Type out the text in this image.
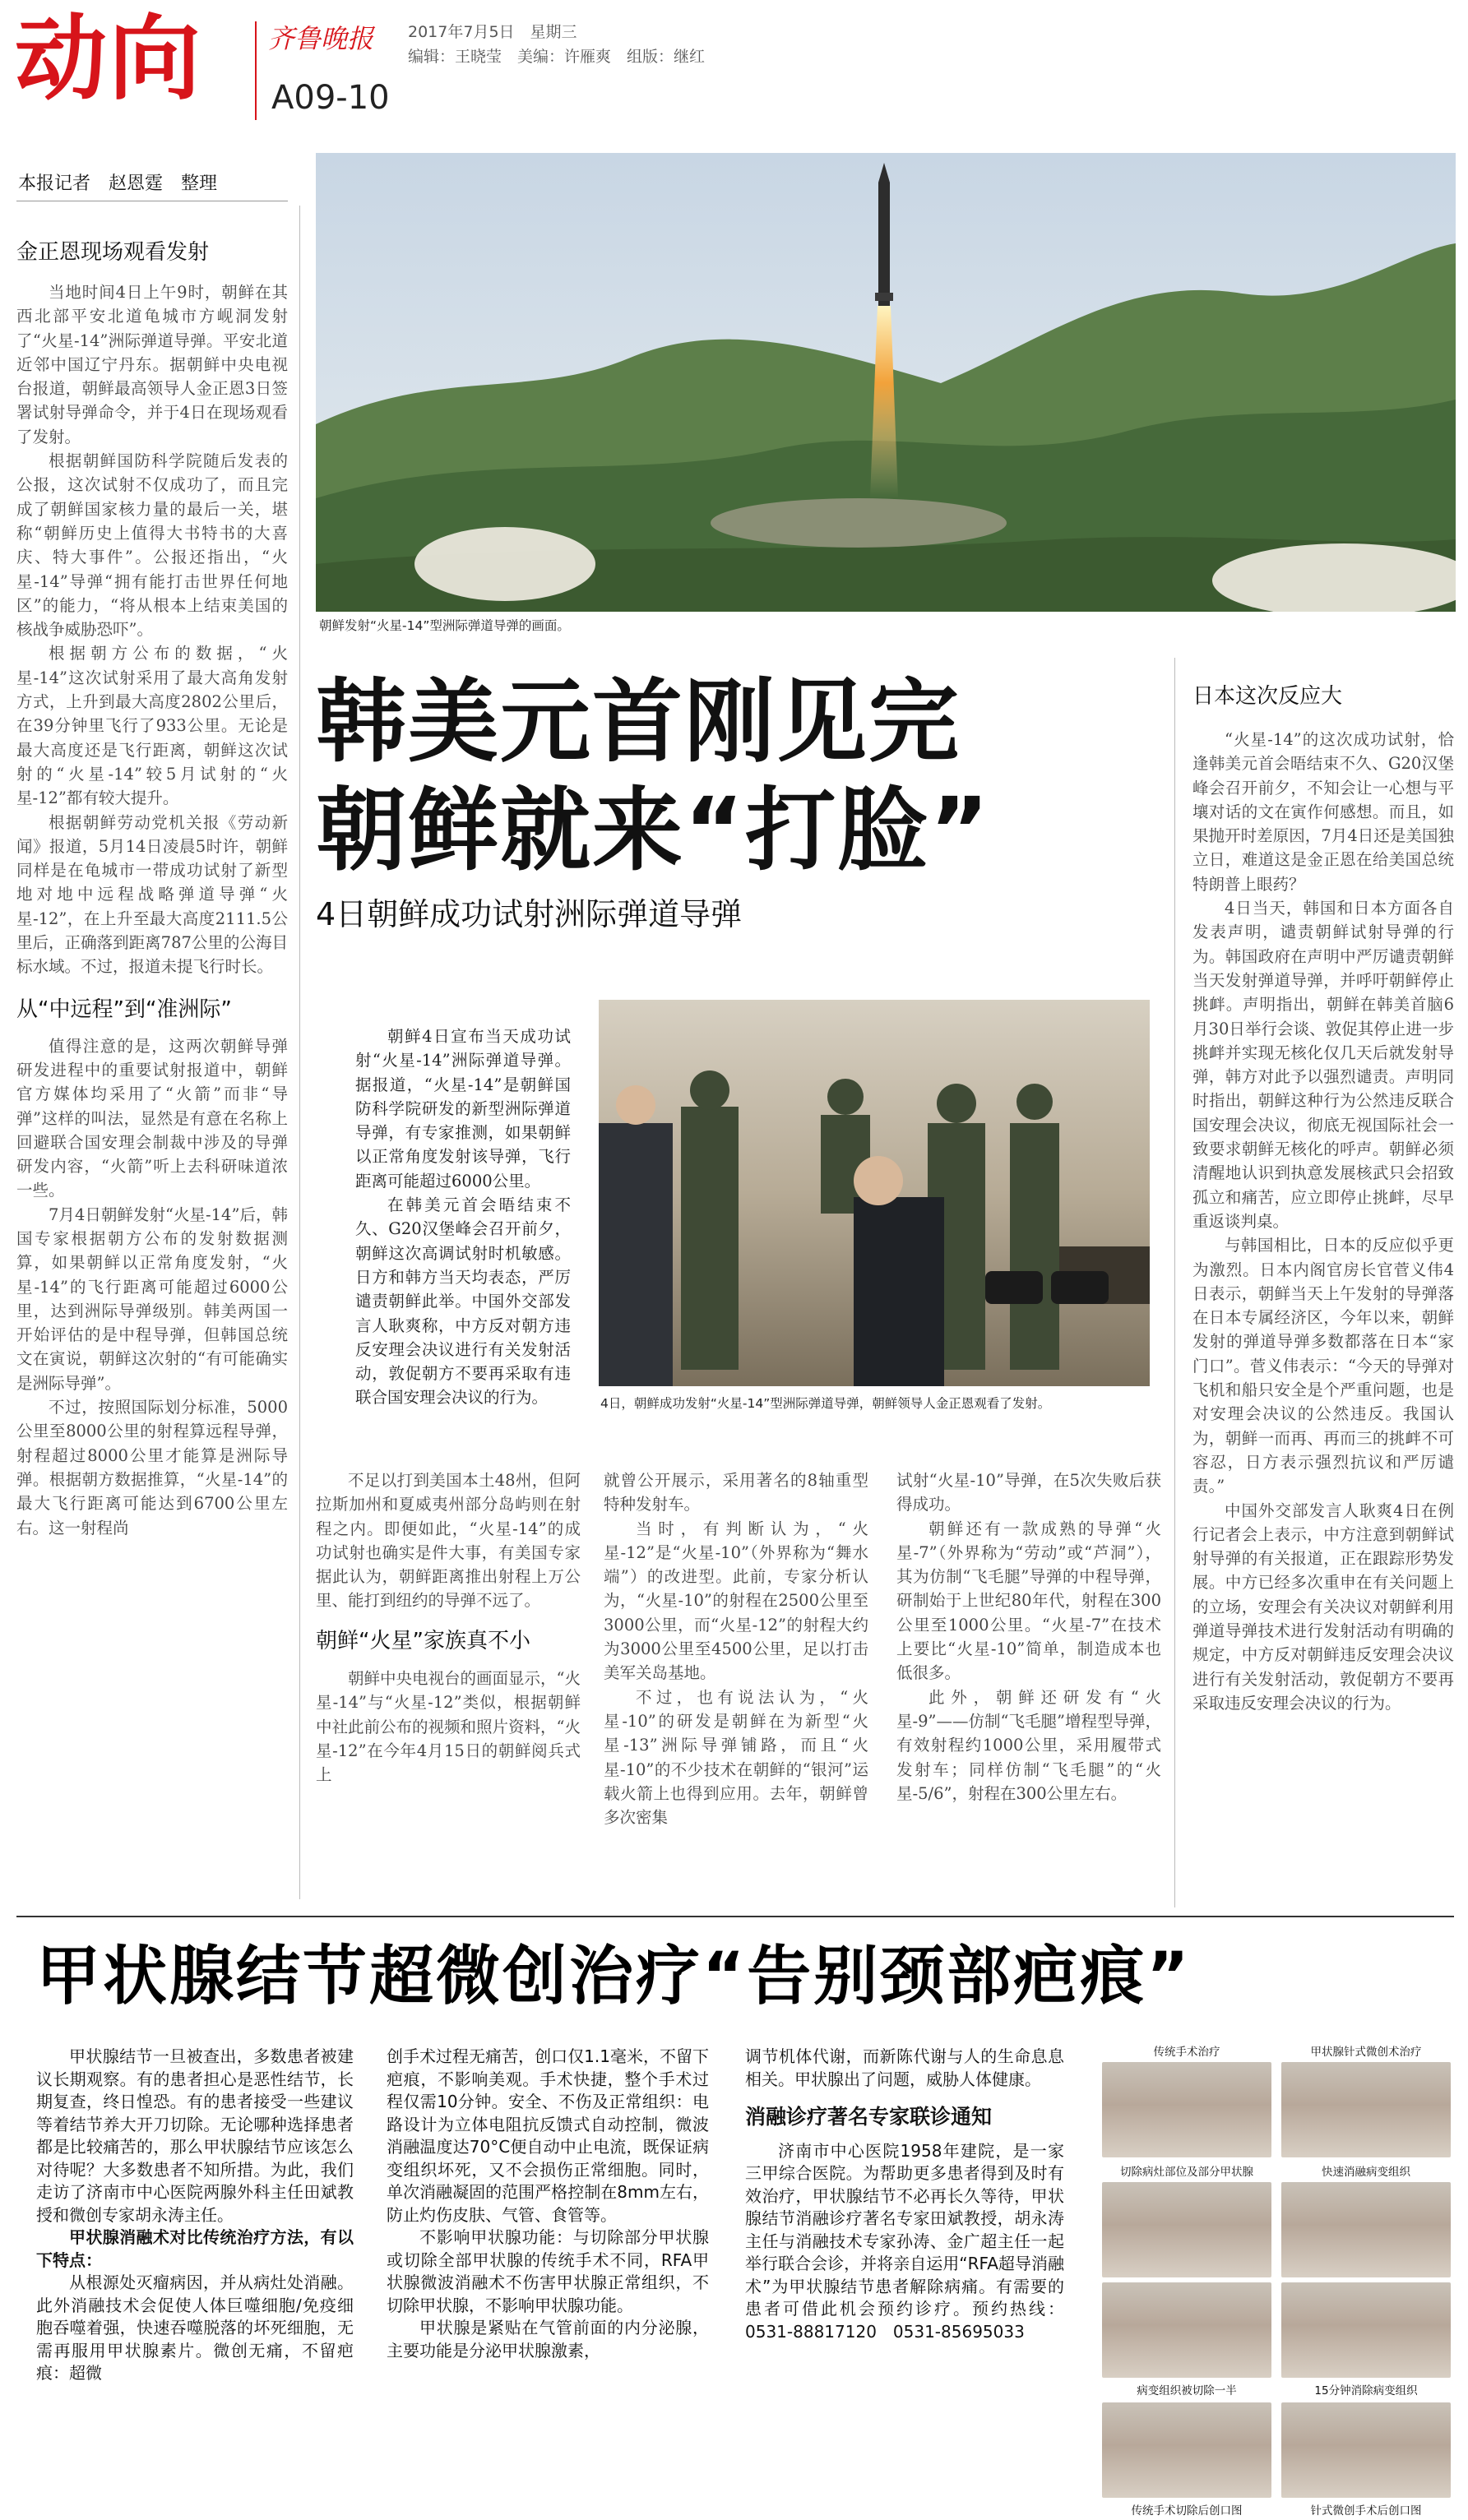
动向	齐鲁晚报 2017年7月5日　星期三
编辑：王晓莹　美编：许雁爽　组版：继红
A09-10
本报记者　赵恩霆　整理
朝鲜发射“火星-14”型洲际弹道导弹的画面。
金正恩现场观看发射

当地时间4日上午9时，朝鲜在其西北部平安北道龟城市方岘洞发射了“火星-14”洲际弹道导弹。平安北道近邻中国辽宁丹东。据朝鲜中央电视台报道，朝鲜最高领导人金正恩3日签署试射导弹命令，并于4日在现场观看了发射。

根据朝鲜国防科学院随后发表的公报，这次试射不仅成功了，而且完成了朝鲜国家核力量的最后一关，堪称“朝鲜历史上值得大书特书的大喜庆、特大事件”。公报还指出，“火星-14”导弹“拥有能打击世界任何地区”的能力，“将从根本上结束美国的核战争威胁恐吓”。

根据朝方公布的数据，“火星-14”这次试射采用了最大高角发射方式，上升到最大高度2802公里后，在39分钟里飞行了933公里。无论是最大高度还是飞行距离，朝鲜这次试射的“火星-14”较5月试射的“火星-12”都有较大提升。

根据朝鲜劳动党机关报《劳动新闻》报道，5月14日凌晨5时许，朝鲜同样是在龟城市一带成功试射了新型地对地中远程战略弹道导弹“火星-12”，在上升至最大高度2111.5公里后，正确落到距离787公里的公海目标水域。不过，报道未提飞行时长。

从“中远程”到“准洲际”

值得注意的是，这两次朝鲜导弹研发进程中的重要试射报道中，朝鲜官方媒体均采用了“火箭”而非“导弹”这样的叫法，显然是有意在名称上回避联合国安理会制裁中涉及的导弹研发内容，“火箭”听上去科研味道浓一些。

7月4日朝鲜发射“火星-14”后，韩国专家根据朝方公布的发射数据测算，如果朝鲜以正常角度发射，“火星-14”的飞行距离可能超过6000公里，达到洲际导弹级别。韩美两国一开始评估的是中程导弹，但韩国总统文在寅说，朝鲜这次射的“有可能确实是洲际导弹”。

不过，按照国际划分标准，5000公里至8000公里的射程算远程导弹，射程超过8000公里才能算是洲际导弹。根据朝方数据推算，“火星-14”的最大飞行距离可能达到6700公里左右。这一射程尚

韩美元首刚见完
朝鲜就来“打脸”
4日朝鲜成功试射洲际弹道导弹

朝鲜4日宣布当天成功试射“火星-14”洲际弹道导弹。据报道，“火星-14”是朝鲜国防科学院研发的新型洲际弹道导弹，有专家推测，如果朝鲜以正常角度发射该导弹，飞行距离可能超过6000公里。

在韩美元首会晤结束不久、G20汉堡峰会召开前夕，朝鲜这次高调试射时机敏感。日方和韩方当天均表态，严厉谴责朝鲜此举。中国外交部发言人耿爽称，中方反对朝方违反安理会决议进行有关发射活动，敦促朝方不要再采取有违联合国安理会决议的行为。	4日，朝鲜成功发射“火星-14”型洲际弹道导弹，朝鲜领导人金正恩观看了发射。

不足以打到美国本土48州，但阿拉斯加州和夏威夷州部分岛屿则在射程之内。即便如此，“火星-14”的成功试射也确实是件大事，有美国专家据此认为，朝鲜距离推出射程上万公里、能打到纽约的导弹不远了。

朝鲜“火星”家族真不小

朝鲜中央电视台的画面显示，“火星-14”与“火星-12”类似，根据朝鲜中社此前公布的视频和照片资料，“火星-12”在今年4月15日的朝鲜阅兵式上

就曾公开展示，采用著名的8轴重型特种发射车。

当时，有判断认为，“火星-12”是“火星-10”（外界称为“舞水端”）的改进型。此前，专家分析认为，“火星-10”的射程在2500公里至3000公里，而“火星-12”的射程大约为3000公里至4500公里，足以打击美军关岛基地。

不过，也有说法认为，“火星-10”的研发是朝鲜在为新型“火星-13”洲际导弹铺路，而且“火星-10”的不少技术在朝鲜的“银河”运载火箭上也得到应用。去年，朝鲜曾多次密集

试射“火星-10”导弹，在5次失败后获得成功。

朝鲜还有一款成熟的导弹“火星-7”（外界称为“劳动”或“芦洞”），其为仿制“飞毛腿”导弹的中程导弹，研制始于上世纪80年代，射程在300公里至1000公里。“火星-7”在技术上要比“火星-10”简单，制造成本也低很多。

此外，朝鲜还研发有“火星-9”——仿制“飞毛腿”增程型导弹，有效射程约1000公里，采用履带式发射车；同样仿制“飞毛腿”的“火星-5/6”，射程在300公里左右。

日本这次反应大

“火星-14”的这次成功试射，恰逢韩美元首会晤结束不久、G20汉堡峰会召开前夕，不知会让一心想与平壤对话的文在寅作何感想。而且，如果抛开时差原因，7月4日还是美国独立日，难道这是金正恩在给美国总统特朗普上眼药？

4日当天，韩国和日本方面各自发表声明，谴责朝鲜试射导弹的行为。韩国政府在声明中严厉谴责朝鲜当天发射弹道导弹，并呼吁朝鲜停止挑衅。声明指出，朝鲜在韩美首脑6月30日举行会谈、敦促其停止进一步挑衅并实现无核化仅几天后就发射导弹，韩方对此予以强烈谴责。声明同时指出，朝鲜这种行为公然违反联合国安理会决议，彻底无视国际社会一致要求朝鲜无核化的呼声。朝鲜必须清醒地认识到执意发展核武只会招致孤立和痛苦，应立即停止挑衅，尽早重返谈判桌。

与韩国相比，日本的反应似乎更为激烈。日本内阁官房长官菅义伟4日表示，朝鲜当天上午发射的导弹落在日本专属经济区，今年以来，朝鲜发射的弹道导弹多数都落在日本“家门口”。菅义伟表示：“今天的导弹对飞机和船只安全是个严重问题，也是对安理会决议的公然违反。我国认为，朝鲜一而再、再而三的挑衅不可容忍，日方表示强烈抗议和严厉谴责。”

中国外交部发言人耿爽4日在例行记者会上表示，中方注意到朝鲜试射导弹的有关报道，正在跟踪形势发展。中方已经多次重申在有关问题上的立场，安理会有关决议对朝鲜利用弹道导弹技术进行发射活动有明确的规定，中方反对朝鲜违反安理会决议进行有关发射活动，敦促朝方不要再采取违反安理会决议的行为。

甲状腺结节超微创治疗“告别颈部疤痕”

甲状腺结节一旦被查出，多数患者被建议长期观察。有的患者担心是恶性结节，长期复查，终日惶恐。有的患者接受一些建议等着结节养大开刀切除。无论哪种选择患者都是比较痛苦的，那么甲状腺结节应该怎么对待呢？大多数患者不知所措。为此，我们走访了济南市中心医院两腺外科主任田斌教授和微创专家胡永涛主任。

甲状腺消融术对比传统治疗方法，有以下特点：

从根源处灭瘤病因，并从病灶处消融。此外消融技术会促使人体巨噬细胞/免疫细胞吞噬着强，快速吞噬脱落的坏死细胞，无需再服用甲状腺素片。微创无痛，不留疤痕：超微

创手术过程无痛苦，创口仅1.1毫米，不留下疤痕，不影响美观。手术快捷，整个手术过程仅需10分钟。安全、不伤及正常组织：电路设计为立体电阻抗反馈式自动控制，微波消融温度达70°C便自动中止电流，既保证病变组织坏死，又不会损伤正常细胞。同时，单次消融凝固的范围严格控制在8mm左右，防止灼伤皮肤、气管、食管等。

不影响甲状腺功能：与切除部分甲状腺或切除全部甲状腺的传统手术不同，RFA甲状腺微波消融术不伤害甲状腺正常组织，不切除甲状腺，不影响甲状腺功能。

甲状腺是紧贴在气管前面的内分泌腺，主要功能是分泌甲状腺激素，

调节机体代谢，而新陈代谢与人的生命息息相关。甲状腺出了问题，威胁人体健康。

消融诊疗著名专家联诊通知

济南市中心医院1958年建院，是一家三甲综合医院。为帮助更多患者得到及时有效治疗，甲状腺结节不必再长久等待，甲状腺结节消融诊疗著名专家田斌教授，胡永涛主任与消融技术专家孙涛、金广超主任一起举行联合会诊，并将亲自运用“RFA超导消融术”为甲状腺结节患者解除病痛。有需要的患者可借此机会预约诊疗。预约热线：0531-88817120　0531-85695033

传统手术治疗	甲状腺针式微创术治疗
切除病灶部位及部分甲状腺	快速消融病变组织
病变组织被切除一半	15分钟消除病变组织
传统手术切除后创口图	针式微创手术后创口图
